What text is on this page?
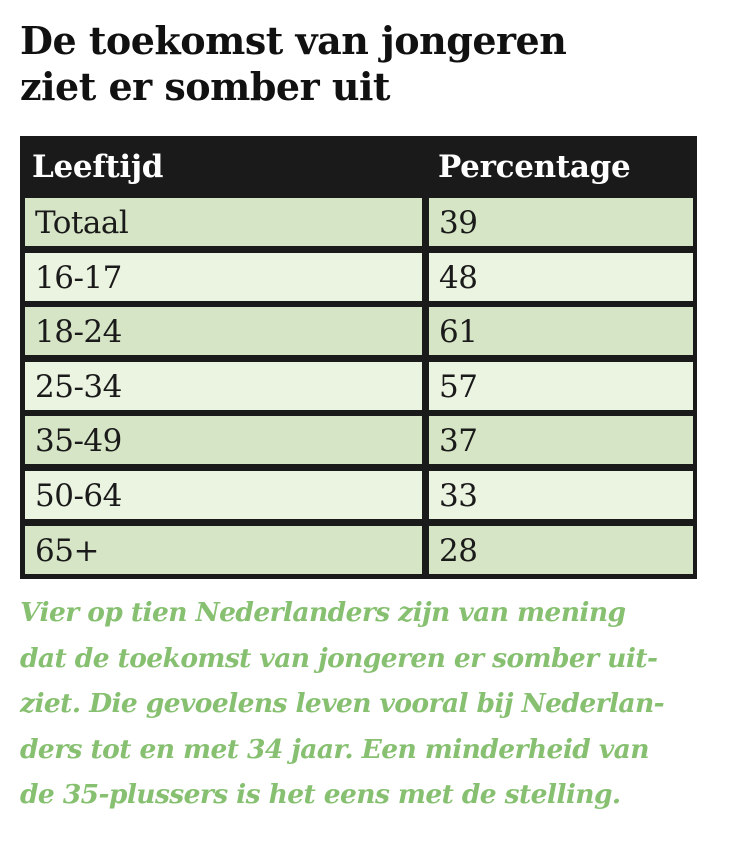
De toekomst van jongeren
ziet er somber uit
Leeftijd	Percentage
Totaal	39
16-17	48
18-24	61
25-34	57
35-49	37
50-64	33
65+	28

Vier op tien Nederlanders zijn van mening
dat de toekomst van jongeren er somber uit-
ziet. Die gevoelens leven vooral bij Nederlan-
ders tot en met 34 jaar. Een minderheid van
de 35-plussers is het eens met de stelling.
